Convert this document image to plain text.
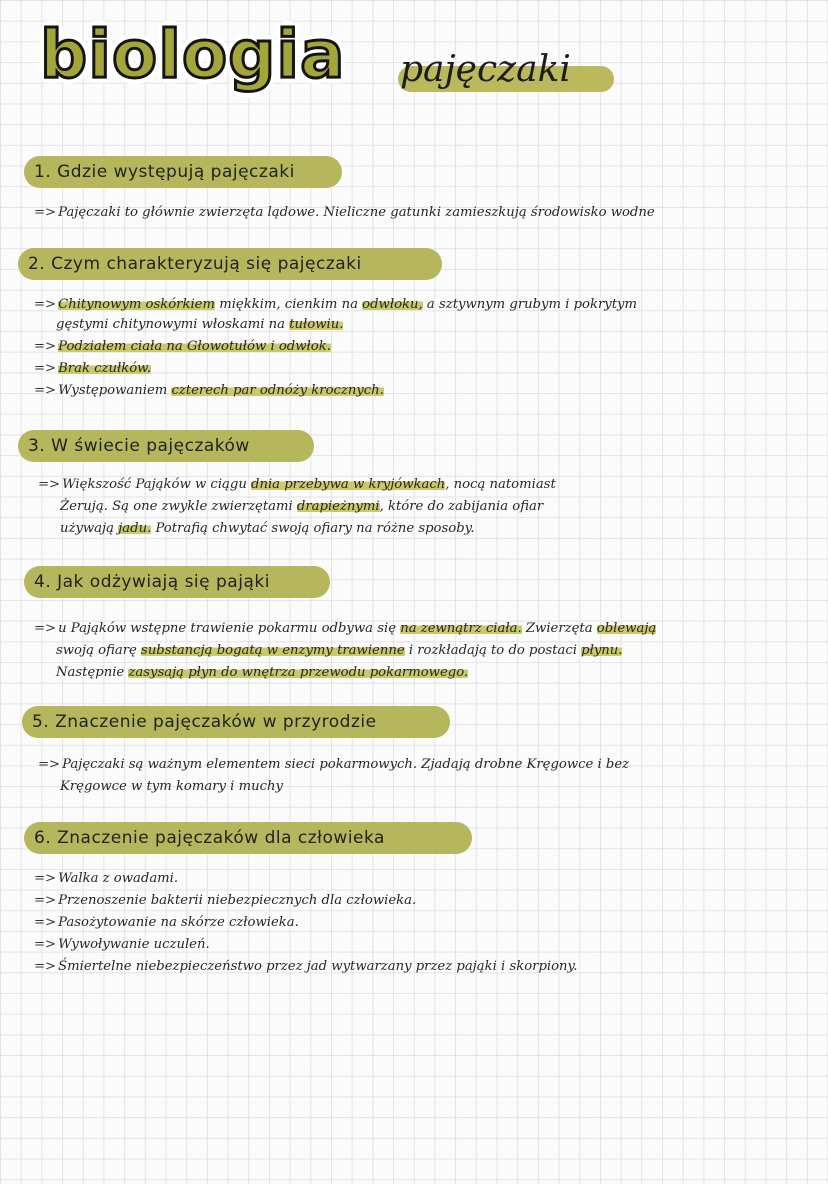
biologia pajęczaki
1. Gdzie występują pajęczaki
=> Pajęczaki to głównie zwierzęta lądowe. Nieliczne gatunki zamieszkują środowisko wodne
2. Czym charakteryzują się pajęczaki
=> Chitynowym oskórkiem miękkim, cienkim na odwłoku, a sztywnym grubym i pokrytym
gęstymi chitynowymi włoskami na tułowiu.
=> Podziałem ciała na Głowotułów i odwłok.
=> Brak czułków.
=> Występowaniem czterech par odnóży krocznych.
3. W świecie pajęczaków
=> Większość Pająków w ciągu dnia przebywa w kryjówkach, nocą natomiast
Żerują. Są one zwykle zwierzętami drapieżnymi, które do zabijania ofiar
używają jadu. Potrafią chwytać swoją ofiary na różne sposoby.
4. Jak odżywiają się pająki
=> u Pająków wstępne trawienie pokarmu odbywa się na zewnątrz ciała. Zwierzęta oblewają
swoją ofiarę substancją bogatą w enzymy trawienne i rozkładają to do postaci płynu.
Następnie zasysają płyn do wnętrza przewodu pokarmowego.
5. Znaczenie pajęczaków w przyrodzie
=> Pajęczaki są ważnym elementem sieci pokarmowych. Zjadają drobne Kręgowce i bez
Kręgowce w tym komary i muchy
6. Znaczenie pajęczaków dla człowieka
=> Walka z owadami.
=> Przenoszenie bakterii niebezpiecznych dla człowieka.
=> Pasożytowanie na skórze człowieka.
=> Wywoływanie uczuleń.
=> Śmiertelne niebezpieczeństwo przez jad wytwarzany przez pająki i skorpiony.
